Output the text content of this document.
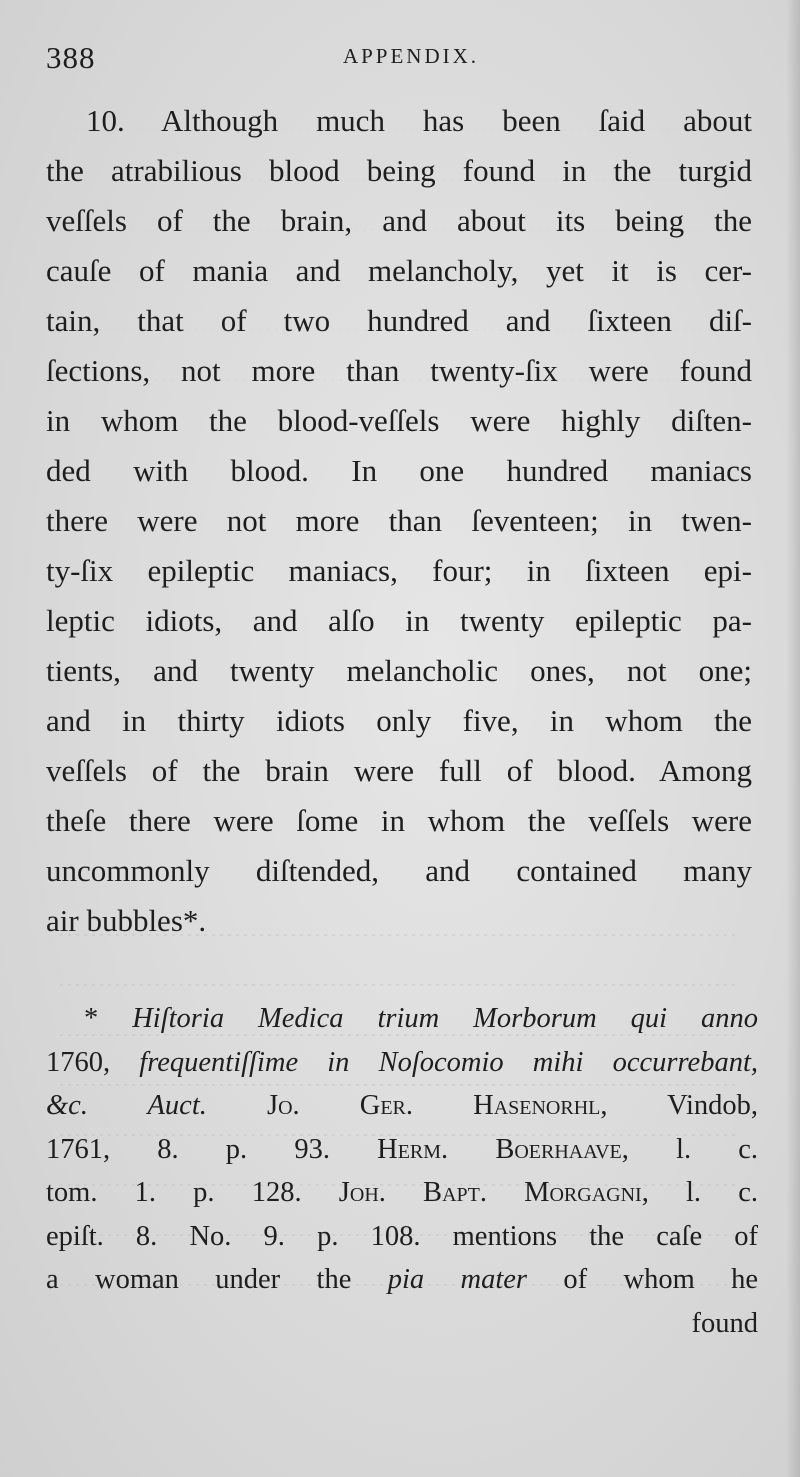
388	APPENDIX.
10. Although much has been ſaid about
the atrabilious blood being found in the turgid
veſſels of the brain, and about its being the
cauſe of mania and melancholy, yet it is cer-
tain, that of two hundred and ſixteen diſ-
ſections, not more than twenty-ſix were found
in whom the blood-veſſels were highly diſten-
ded with blood. In one hundred maniacs
there were not more than ſeventeen; in twen-
ty-ſix epileptic maniacs, four; in ſixteen epi-
leptic idiots, and alſo in twenty epileptic pa-
tients, and twenty melancholic ones, not one;
and in thirty idiots only five, in whom the
veſſels of the brain were full of blood. Among
theſe there were ſome in whom the veſſels were
uncommonly diſtended, and contained many
air bubbles*.
* Hiſtoria Medica trium Morborum qui anno
1760, frequentiſſime in Noſocomio mihi occurrebant,
&c. Auct. Jo. Ger. Hasenorhl, Vindob,
1761, 8. p. 93. Herm. Boerhaave, l. c.
tom. 1. p. 128. Joh. Bapt. Morgagni, l. c.
epiſt. 8. No. 9. p. 108. mentions the caſe of
a woman under the pia mater of whom he
found
